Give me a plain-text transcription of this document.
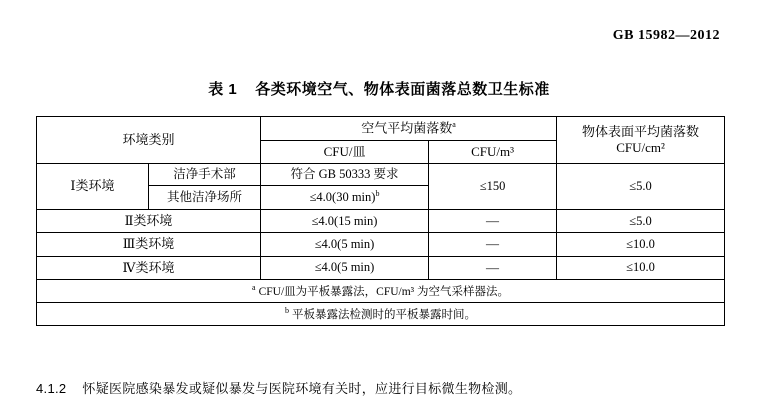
GB 15982—2012
表 1 各类环境空气、物体表面菌落总数卫生标准
环境类别		空气平均菌落数$^a$		物体表面平均菌落数
CFU/cm²

		CFU/皿	CFU/m³	
Ⅰ类环境	洁净手术部	符合 GB 50333 要求	≤150	≤5.0
	其他洁净场所	≤4.0(30 min)$^b$
Ⅱ类环境		≤4.0(15 min)	—	≤5.0
Ⅲ类环境		≤4.0(5 min)	—	≤10.0
Ⅳ类环境		≤4.0(5 min)	—	≤10.0
$^a$ CFU/皿为平板暴露法，CFU/m³ 为空气采样器法。				
$^b$ 平板暴露法检测时的平板暴露时间。				
4.1.2 怀疑医院感染暴发或疑似暴发与医院环境有关时，应进行目标微生物检测。
